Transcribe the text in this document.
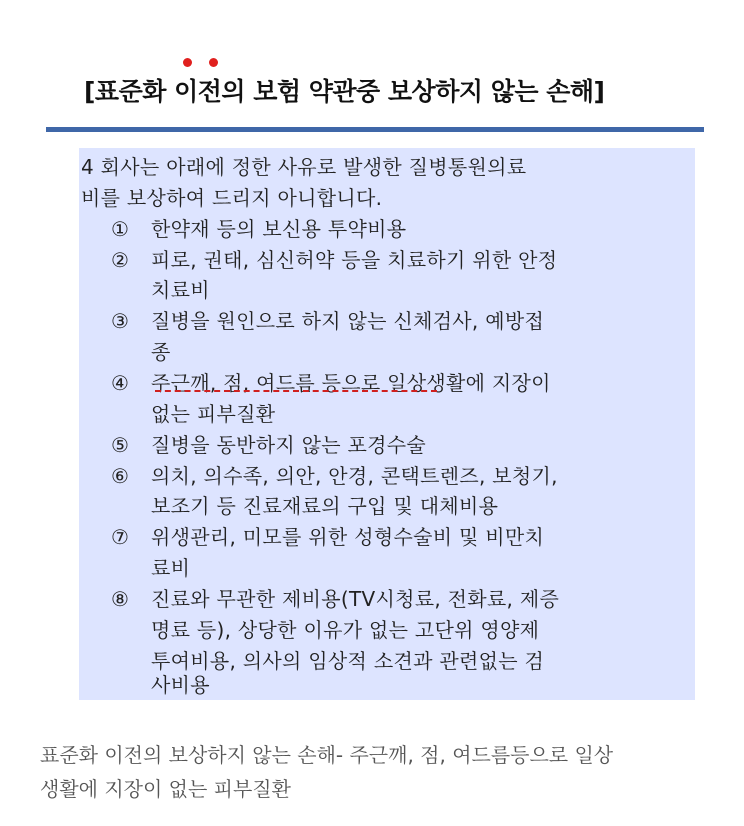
[표준화 이전의 보험 약관중 보상하지 않는 손해]
4 회사는 아래에 정한 사유로 발생한 질병통원의료
비를 보상하여 드리지 아니합니다.
① 한약재 등의 보신용 투약비용
② 피로, 권태, 심신허약 등을 치료하기 위한 안정
치료비
③ 질병을 원인으로 하지 않는 신체검사, 예방접
종
④ 주근깨, 점, 여드름 등으로 일상생활에 지장이
없는 피부질환
⑤ 질병을 동반하지 않는 포경수술
⑥ 의치, 의수족, 의안, 안경, 콘택트렌즈, 보청기,
보조기 등 진료재료의 구입 및 대체비용
⑦ 위생관리, 미모를 위한 성형수술비 및 비만치
료비
⑧ 진료와 무관한 제비용(TV시청료, 전화료, 제증
명료 등), 상당한 이유가 없는 고단위 영양제
투여비용, 의사의 임상적 소견과 관련없는 검
사비용
표준화 이전의 보상하지 않는 손해- 주근깨, 점, 여드름등으로 일상
생활에 지장이 없는 피부질환
